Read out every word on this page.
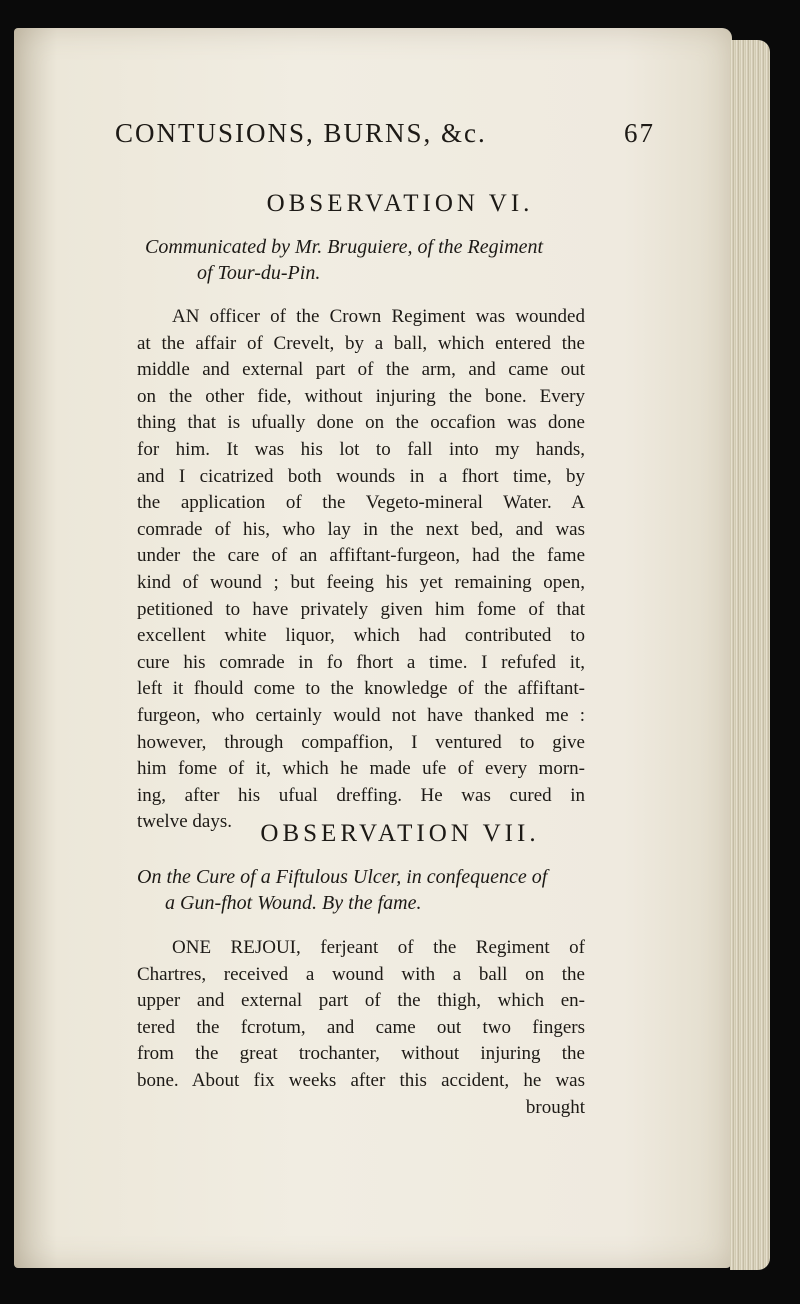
CONTUSIONS, BURNS, &c.	67
OBSERVATION VI.
Communicated by Mr. Bruguiere, of the Regiment
of Tour-du-Pin.
AN officer of the Crown Regiment was wounded
at the affair of Crevelt, by a ball, which entered the
middle and external part of the arm, and came out
on the other fide, without injuring the bone. Every
thing that is ufually done on the occafion was done
for him. It was his lot to fall into my hands,
and I cicatrized both wounds in a fhort time, by
the application of the Vegeto-mineral Water. A
comrade of his, who lay in the next bed, and was
under the care of an affiftant-furgeon, had the fame
kind of wound ; but feeing his yet remaining open,
petitioned to have privately given him fome of that
excellent white liquor, which had contributed to
cure his comrade in fo fhort a time. I refufed it,
left it fhould come to the knowledge of the affiftant-
furgeon, who certainly would not have thanked me :
however, through compaffion, I ventured to give
him fome of it, which he made ufe of every morn-
ing, after his ufual dreffing. He was cured in
twelve days.	OBSERVATION VII.
On the Cure of a Fiftulous Ulcer, in confequence of
a Gun-fhot Wound. By the fame.
ONE REJOUI, ferjeant of the Regiment of
Chartres, received a wound with a ball on the
upper and external part of the thigh, which en-
tered the fcrotum, and came out two fingers
from the great trochanter, without injuring the
bone. About fix weeks after this accident, he was
brought
